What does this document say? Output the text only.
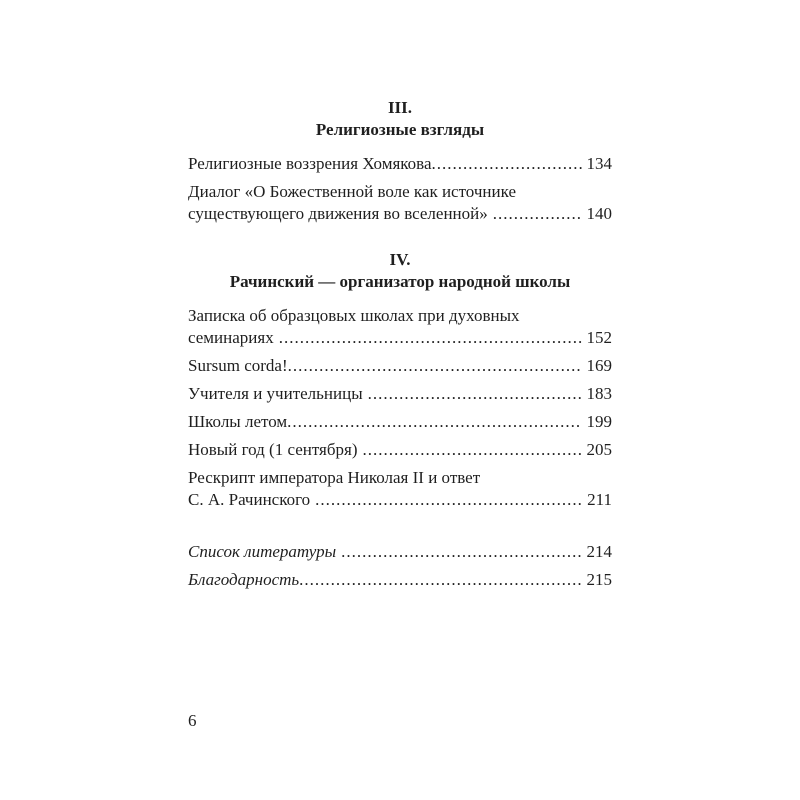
III.
Религиозные взгляды
Религиозные воззрения Хомякова .....	134
Диалог «О Божественной воле как источнике
существующего движения во вселенной» .....	140
IV.
Рачинский — организатор народной школы
Записка об образцовых школах при духовных
семинариях .....	152
Sursum corda! .....	169
Учителя и учительницы .....	183
Школы летом .....	199
Новый год (1 сентября) .....	205
Рескрипт императора Николая II и ответ
С. А. Рачинского .....	211
Список литературы .....	214
Благодарность .....	215
6
